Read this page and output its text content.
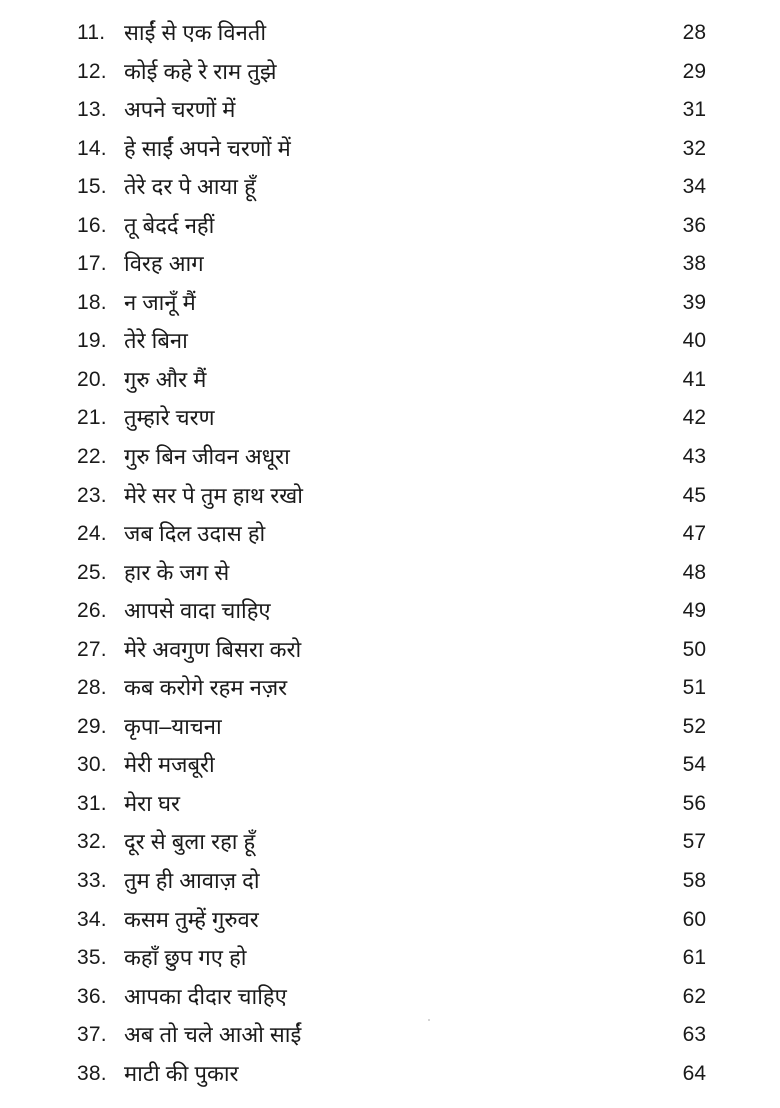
11. साईं से एक विनती	28
12. कोई कहे रे राम तुझे	29
13. अपने चरणों में	31
14. हे साईं अपने चरणों में	32
15. तेरे दर पे आया हूँ	34
16. तू बेदर्द नहीं	36
17. विरह आग	38
18. न जानूँ मैं	39
19. तेरे बिना	40
20. गुरु और मैं	41
21. तुम्हारे चरण	42
22. गुरु बिन जीवन अधूरा	43
23. मेरे सर पे तुम हाथ रखो	45
24. जब दिल उदास हो	47
25. हार के जग से	48
26. आपसे वादा चाहिए	49
27. मेरे अवगुण बिसरा करो	50
28. कब करोगे रहम नज़र	51
29. कृपा–याचना	52
30. मेरी मजबूरी	54
31. मेरा घर	56
32. दूर से बुला रहा हूँ	57
33. तुम ही आवाज़ दो	58
34. कसम तुम्हें गुरुवर	60
35. कहाँ छुप गए हो	61
36. आपका दीदार चाहिए	62
37. अब तो चले आओ साईं	63
38. माटी की पुकार	64
